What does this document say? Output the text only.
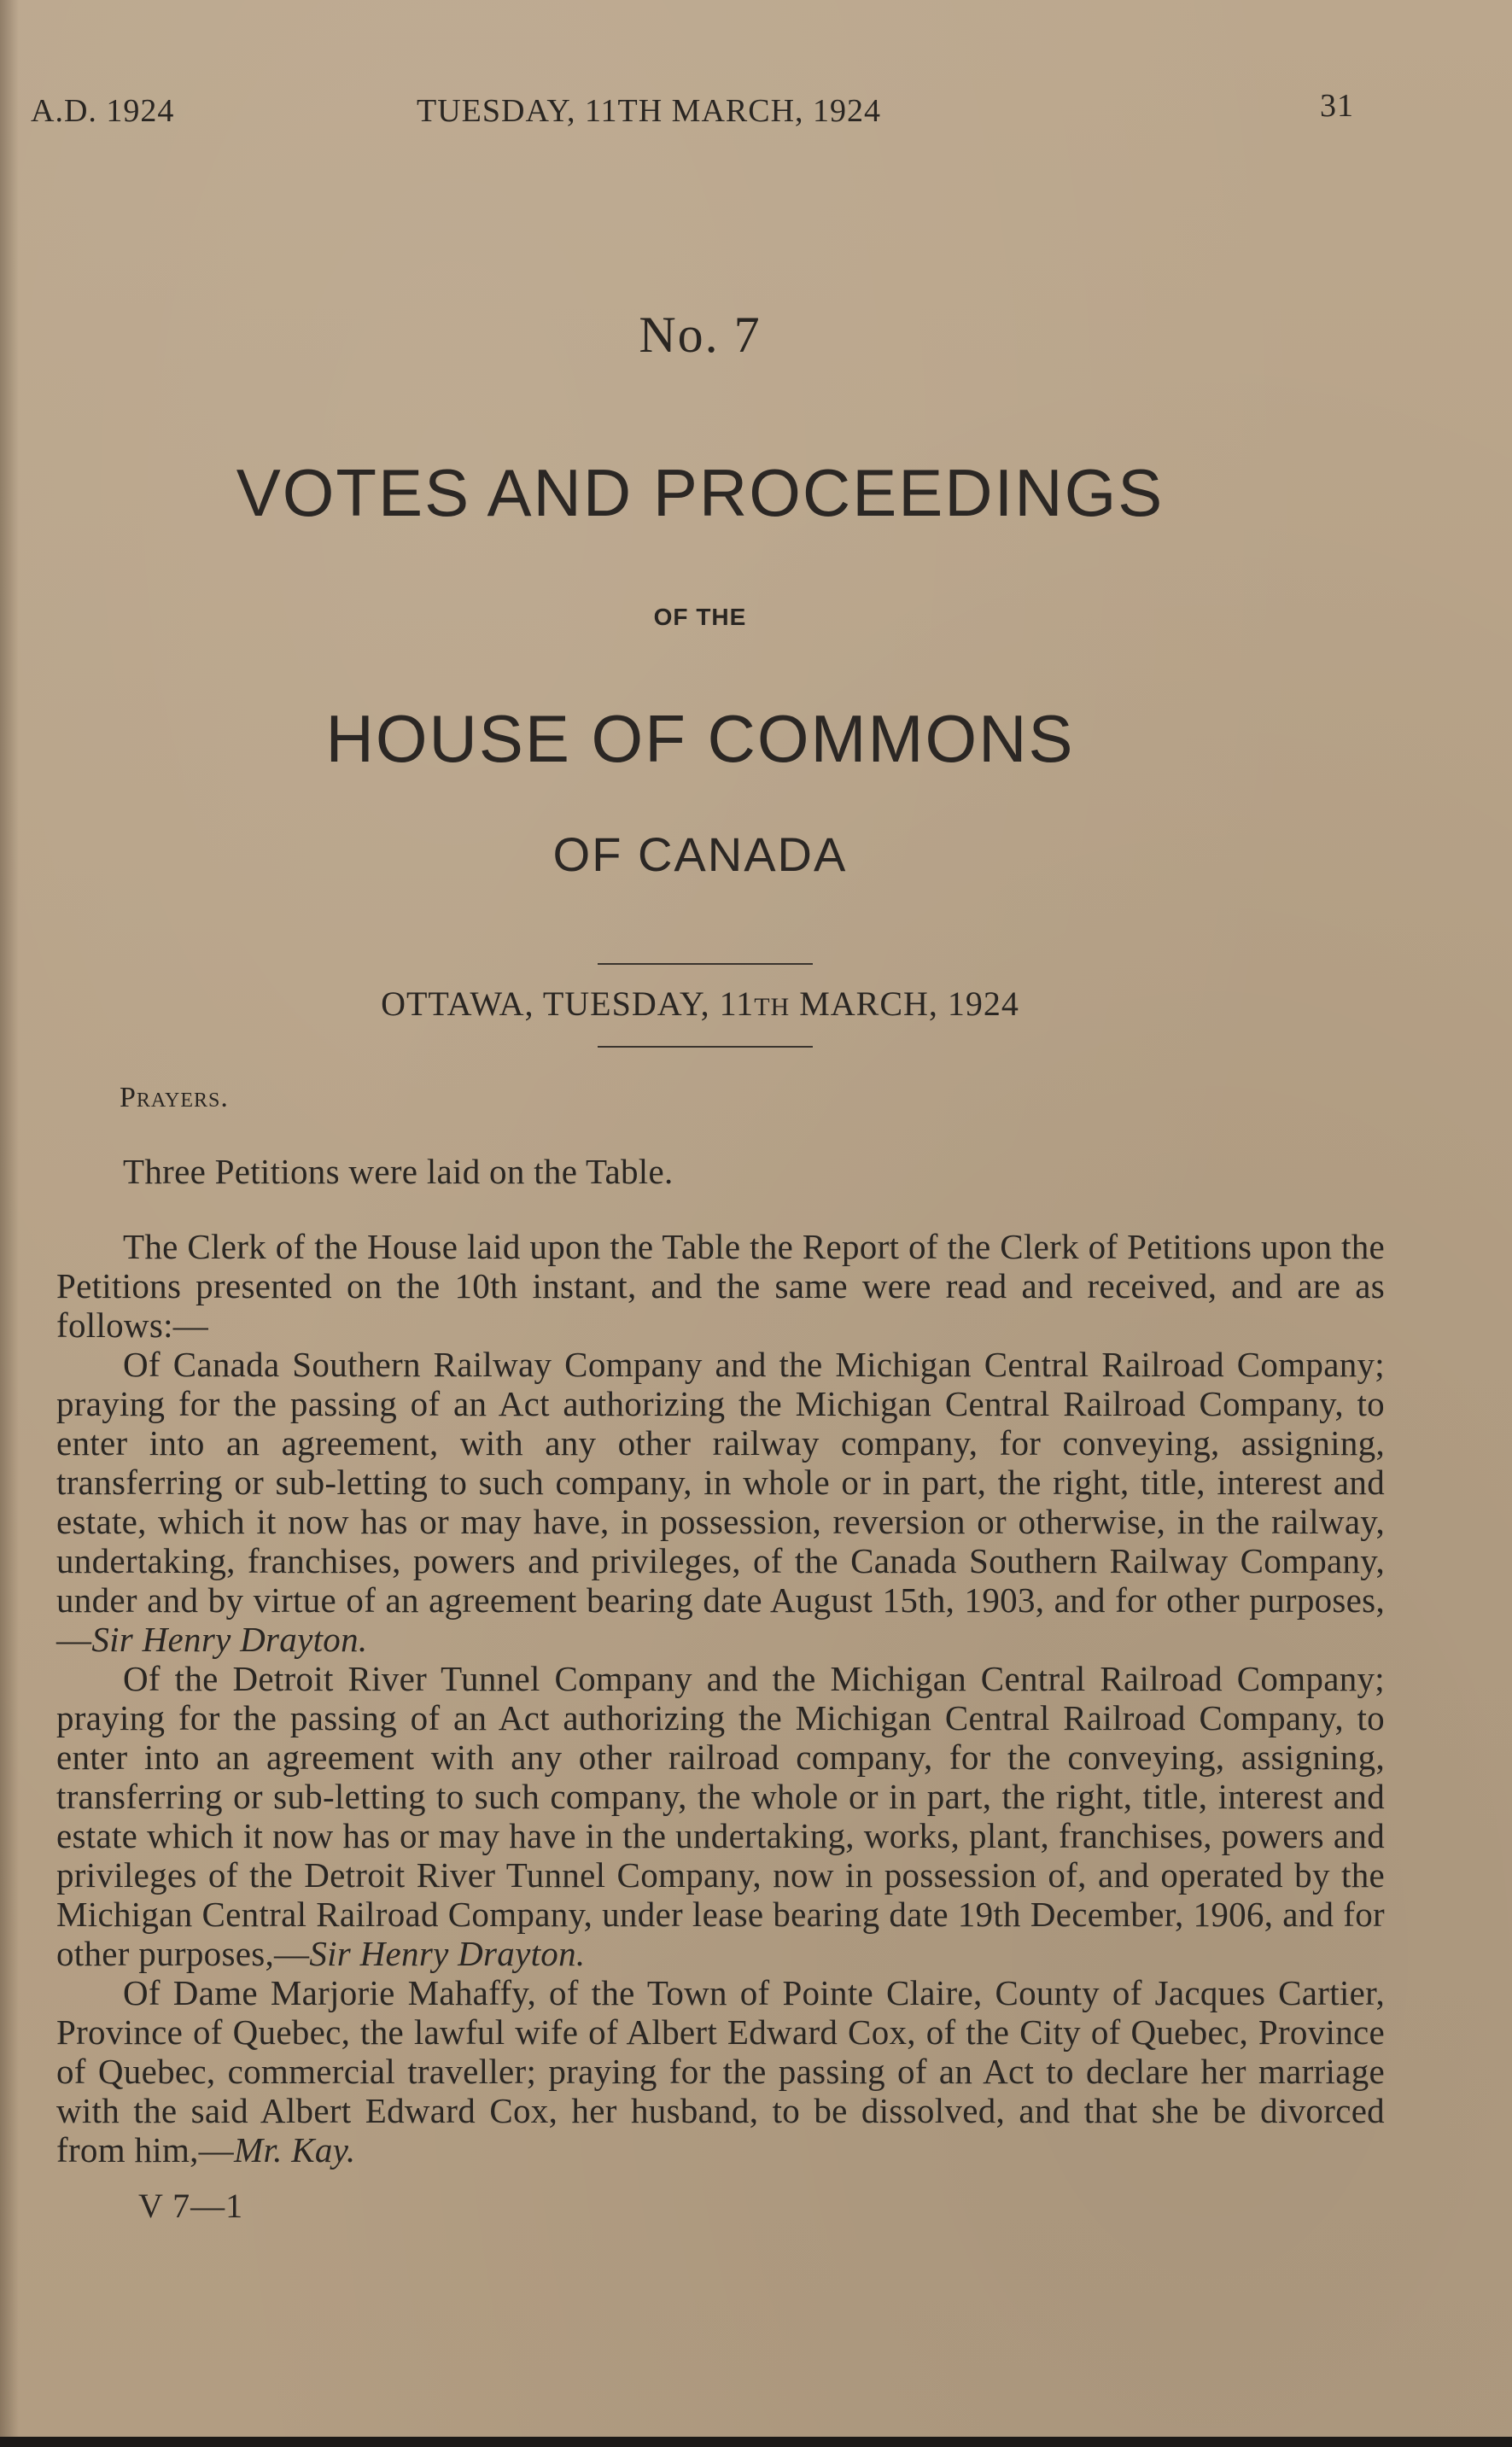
A.D. 1924	TUESDAY, 11TH MARCH, 1924	31
No. 7
VOTES AND PROCEEDINGS
OF THE
HOUSE OF COMMONS
OF CANADA
OTTAWA, TUESDAY, 11TH MARCH, 1924
Prayers.

Three Petitions were laid on the Table.

The Clerk of the House laid upon the Table the Report of the Clerk of Petitions upon the Petitions presented on the 10th instant, and the same were read and received, and are as follows:—

Of Canada Southern Railway Company and the Michigan Central Railroad Company; praying for the passing of an Act authorizing the Michigan Central Railroad Company, to enter into an agreement, with any other railway company, for conveying, assigning, transferring or sub-letting to such company, in whole or in part, the right, title, interest and estate, which it now has or may have, in possession, reversion or otherwise, in the railway, undertaking, franchises, powers and privileges, of the Canada Southern Railway Company, under and by virtue of an agreement bearing date August 15th, 1903, and for other purposes,—Sir Henry Drayton.

Of the Detroit River Tunnel Company and the Michigan Central Railroad Company; praying for the passing of an Act authorizing the Michigan Central Railroad Company, to enter into an agreement with any other railroad company, for the conveying, assigning, transferring or sub-letting to such company, the whole or in part, the right, title, interest and estate which it now has or may have in the undertaking, works, plant, franchises, powers and privileges of the Detroit River Tunnel Company, now in possession of, and operated by the Michigan Central Railroad Company, under lease bearing date 19th December, 1906, and for other purposes,—Sir Henry Drayton.

Of Dame Marjorie Mahaffy, of the Town of Pointe Claire, County of Jacques Cartier, Province of Quebec, the lawful wife of Albert Edward Cox, of the City of Quebec, Province of Quebec, commercial traveller; praying for the passing of an Act to declare her marriage with the said Albert Edward Cox, her husband, to be dissolved, and that she be divorced from him,—Mr. Kay.

V 7—1
